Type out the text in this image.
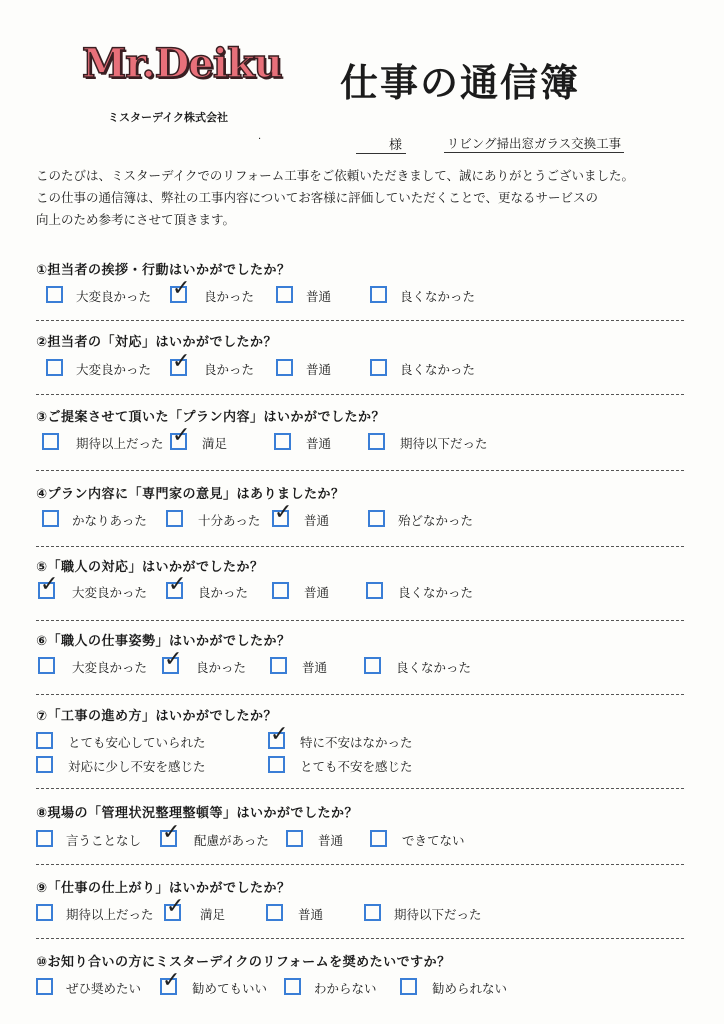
Mr.Deiku 仕事の通信簿
ミスターデイク株式会社
.
様	リビング掃出窓ガラス交換工事
このたびは、ミスターデイクでのリフォーム工事をご依頼いただきまして、誠にありがとうございました。
この仕事の通信簿は、弊社の工事内容についてお客様に評価していただくことで、更なるサービスの
向上のため参考にさせて頂きます。
①担当者の挨拶・行動はいかがでしたか？
大変良かった ✓ 良かった	普通	良くなかった
②担当者の「対応」はいかがでしたか？
大変良かった ✓ 良かった	普通	良くなかった
③ご提案させて頂いた「プラン内容」はいかがでしたか？
期待以上だった ✓ 満足	普通	期待以下だった
④プラン内容に「専門家の意見」はありましたか？
かなりあった	十分あった ✓ 普通	殆どなかった
⑤「職人の対応」はいかがでしたか？
✓ 大変良かった ✓ 良かった	普通	良くなかった
⑥「職人の仕事姿勢」はいかがでしたか？
大変良かった ✓ 良かった	普通	良くなかった
⑦「工事の進め方」はいかがでしたか？
とても安心していられた	✓ 特に不安はなかった
対応に少し不安を感じた	とても不安を感じた
⑧現場の「管理状況整理整頓等」はいかがでしたか？
言うことなし ✓ 配慮があった	普通	できてない
⑨「仕事の仕上がり」はいかがでしたか？
期待以上だった ✓ 満足	普通	期待以下だった
⑩お知り合いの方にミスターデイクのリフォームを奨めたいですか？
ぜひ奨めたい ✓ 勧めてもいい	わからない	勧められない
